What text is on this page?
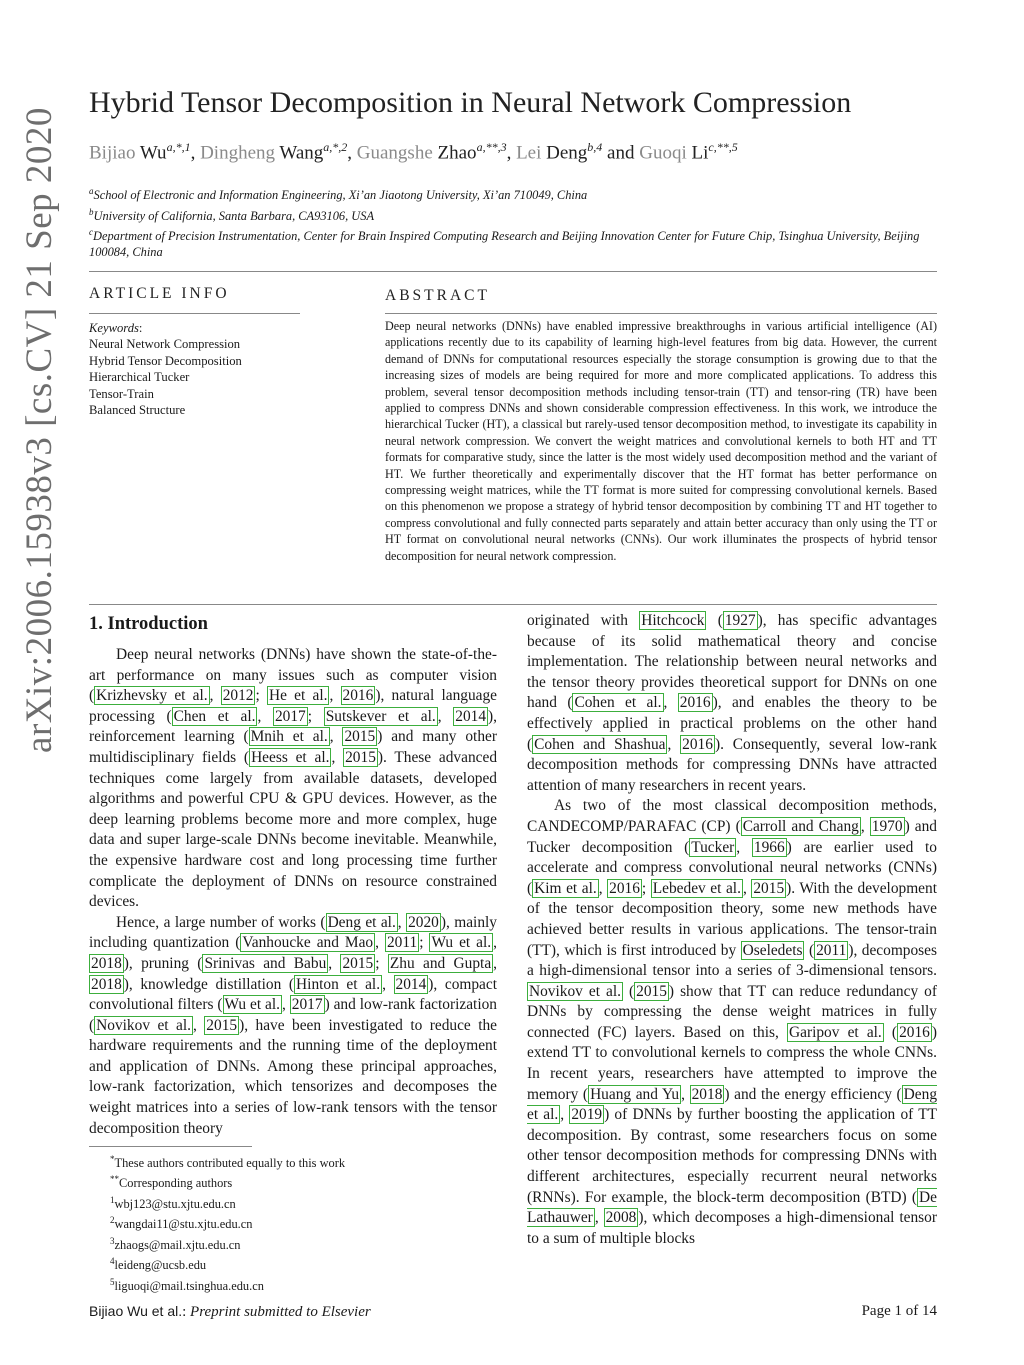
arXiv:2006.15938v3 [cs.CV] 21 Sep 2020
Hybrid Tensor Decomposition in Neural Network Compression
Bijiao $Wu^{a,*,1}$, Dingheng Wang$^{a,*,2}$, Guangshe Zhao$^{a,**,3}$, Lei Deng$^{b,4}$ and Guoqi $Li^{c,**,5}$
$^a$School of Electronic and Information Engineering, Xi’an Jiaotong University, Xi’an 710049, China
$^b$University of California, Santa Barbara, CA93106, USA
$^c$Department of Precision Instrumentation, Center for Brain Inspired Computing Research and Beijing Innovation Center for Future Chip, Tsinghua University, Beijing 100084, China
ARTICLE INFO
Keywords:
Neural Network Compression
Hybrid Tensor Decomposition
Hierarchical Tucker
Tensor-Train
Balanced Structure
ABSTRACT
Deep neural networks (DNNs) have enabled impressive breakthroughs in various artificial intelligence (AI) applications recently due to its capability of learning high-level features from big data. However, the current demand of DNNs for computational resources especially the storage consumption is growing due to that the increasing sizes of models are being required for more and more complicated applications. To address this problem, several tensor decomposition methods including tensor-train (TT) and tensor-ring (TR) have been applied to compress DNNs and shown considerable compression effectiveness. In this work, we introduce the hierarchical Tucker (HT), a classical but rarely-used tensor decomposition method, to investigate its capability in neural network compression. We convert the weight matrices and convolutional kernels to both HT and TT formats for comparative study, since the latter is the most widely used decomposition method and the variant of HT. We further theoretically and experimentally discover that the HT format has better performance on compressing weight matrices, while the TT format is more suited for compressing convolutional kernels. Based on this phenomenon we propose a strategy of hybrid tensor decomposition by combining TT and HT together to compress convolutional and fully connected parts separately and attain better accuracy than only using the TT or HT format on convolutional neural networks (CNNs). Our work illuminates the prospects of hybrid tensor decomposition for neural network compression.
1. Introduction

Deep neural networks (DNNs) have shown the state-of-the-art performance on many issues such as computer vision ( Krizhevsky et al. , 2012 ; He et al. , 2016 ), natural language processing ( Chen et al. , 2017 ; Sutskever et al. , 2014 ), reinforcement learning ( Mnih et al. , 2015 ) and many other multidisciplinary fields ( Heess et al. , 2015 ). These advanced techniques come largely from available datasets, developed algorithms and powerful CPU & GPU devices. However, as the deep learning problems become more and more complex, huge data and super large-scale DNNs become inevitable. Meanwhile, the expensive hardware cost and long processing time further complicate the deployment of DNNs on resource constrained devices.

Hence, a large number of works ( Deng et al. , 2020 ), mainly including quantization ( Vanhoucke and Mao , 2011 ; Wu et al. , 2018 ), pruning ( Srinivas and Babu , 2015 ; Zhu and Gupta , 2018 ), knowledge distillation ( Hinton et al. , 2014 ), compact convolutional filters ( Wu et al. , 2017 ) and low-rank factorization ( Novikov et al. , 2015 ), have been investigated to reduce the hardware requirements and the running time of the deployment and application of DNNs. Among these principal approaches, low-rank factorization, which tensorizes and decomposes the weight matrices into a series of low-rank tensors with the tensor decomposition theory

originated with Hitchcock ( 1927 ), has specific advantages because of its solid mathematical theory and concise implementation. The relationship between neural networks and the tensor theory provides theoretical support for DNNs on one hand ( Cohen et al. , 2016 ), and enables the theory to be effectively applied in practical problems on the other hand ( Cohen and Shashua , 2016 ). Consequently, several low-rank decomposition methods for compressing DNNs have attracted attention of many researchers in recent years.

As two of the most classical decomposition methods, CANDECOMP/PARAFAC (CP) ( Carroll and Chang , 1970 ) and Tucker decomposition ( Tucker , 1966 ) are earlier used to accelerate and compress convolutional neural networks (CNNs) ( Kim et al. , 2016 ; Lebedev et al. , 2015 ). With the development of the tensor decomposition theory, some new methods have achieved better results in various applications. The tensor-train (TT), which is first introduced by Oseledets ( 2011 ), decomposes a high-dimensional tensor into a series of 3-dimensional tensors. Novikov et al. ( 2015 ) show that TT can reduce redundancy of DNNs by compressing the dense weight matrices in fully connected (FC) layers. Based on this, Garipov et al. ( 2016 ) extend TT to convolutional kernels to compress the whole CNNs. In recent years, researchers have attempted to improve the memory ( Huang and Yu , 2018 ) and the energy efficiency ( Deng et al. , 2019 ) of DNNs by further boosting the application of TT decomposition. By contrast, some researchers focus on some other tensor decomposition methods for compressing DNNs with different architectures, especially recurrent neural networks (RNNs). For example, the block-term decomposition (BTD) ( De Lathauwer , 2008 ), which decomposes a high-dimensional tensor to a sum of multiple blocks

*These authors contributed equally to this work
**Corresponding authors
$^1$wbj123@stu.xjtu.edu.cn
$^2$wangdai11@stu.xjtu.edu.cn
$^3$zhaogs@mail.xjtu.edu.cn
$^4$leideng@ucsb.edu
$^5$liguoqi@mail.tsinghua.edu.cn
Bijiao Wu et al.: Preprint submitted to Elsevier	Page 1 of 14
